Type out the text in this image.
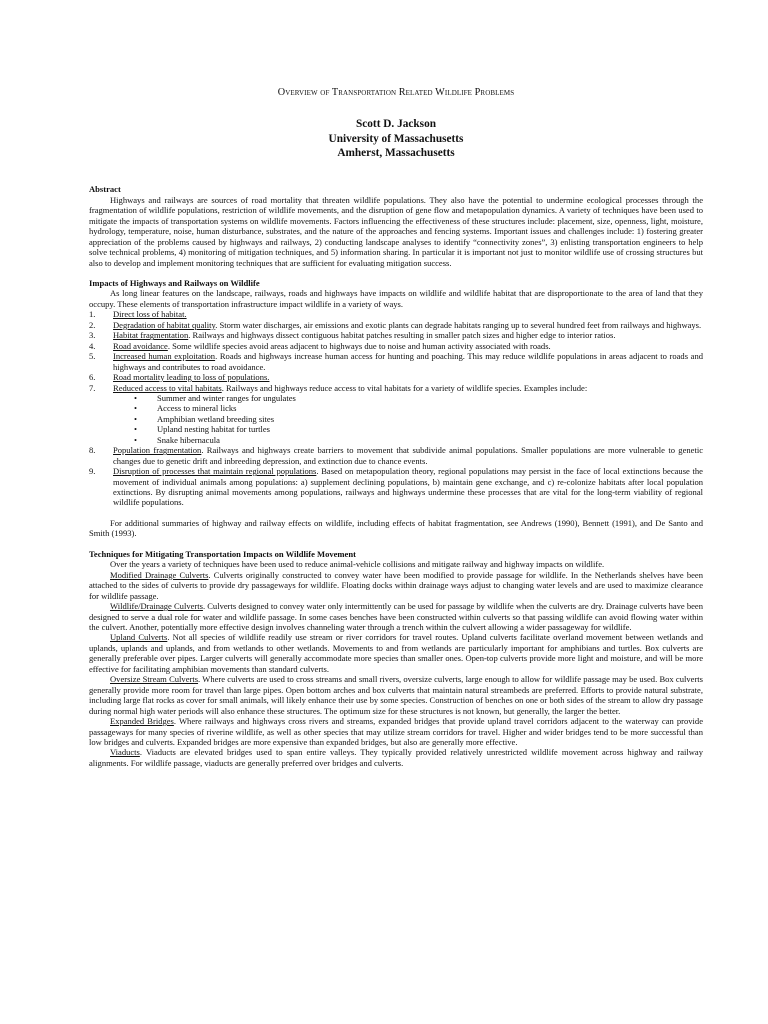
Overview of Transportation Related Wildlife Problems
Scott D. Jackson
University of Massachusetts
Amherst, Massachusetts
Abstract

Highways and railways are sources of road mortality that threaten wildlife populations. They also have the potential to undermine ecological processes through the fragmentation of wildlife populations, restriction of wildlife movements, and the disruption of gene flow and metapopulation dynamics. A variety of techniques have been used to mitigate the impacts of transportation systems on wildlife movements. Factors influencing the effectiveness of these structures include: placement, size, openness, light, moisture, hydrology, temperature, noise, human disturbance, substrates, and the nature of the approaches and fencing systems. Important issues and challenges include: 1) fostering greater appreciation of the problems caused by highways and railways, 2) conducting landscape analyses to identify “connectivity zones”, 3) enlisting transportation engineers to help solve technical problems, 4) monitoring of mitigation techniques, and 5) information sharing. In particular it is important not just to monitor wildlife use of crossing structures but also to develop and implement monitoring techniques that are sufficient for evaluating mitigation success.

Impacts of Highways and Railways on Wildlife

As long linear features on the landscape, railways, roads and highways have impacts on wildlife and wildlife habitat that are disproportionate to the area of land that they occupy. These elements of transportation infrastructure impact wildlife in a variety of ways.

1.	Direct loss of habitat.
2.	Degradation of habitat quality. Storm water discharges, air emissions and exotic plants can degrade habitats ranging up to several hundred feet from railways and highways.
3.	Habitat fragmentation. Railways and highways dissect contiguous habitat patches resulting in smaller patch sizes and higher edge to interior ratios.
4.	Road avoidance. Some wildlife species avoid areas adjacent to highways due to noise and human activity associated with roads.
5.	Increased human exploitation. Roads and highways increase human access for hunting and poaching. This may reduce wildlife populations in areas adjacent to roads and highways and contributes to road avoidance.
6.	Road mortality leading to loss of populations.
7.	Reduced access to vital habitats. Railways and highways reduce access to vital habitats for a variety of wildlife species. Examples include:
•	Summer and winter ranges for ungulates
•	Access to mineral licks
•	Amphibian wetland breeding sites
•	Upland nesting habitat for turtles
•	Snake hibernacula
8.	Population fragmentation. Railways and highways create barriers to movement that subdivide animal populations. Smaller populations are more vulnerable to genetic changes due to genetic drift and inbreeding depression, and extinction due to chance events.
9.	Disruption of processes that maintain regional populations. Based on metapopulation theory, regional populations may persist in the face of local extinctions because the movement of individual animals among populations: a) supplement declining populations, b) maintain gene exchange, and c) re-colonize habitats after local population extinctions. By disrupting animal movements among populations, railways and highways undermine these processes that are vital for the long-term viability of regional wildlife populations.

For additional summaries of highway and railway effects on wildlife, including effects of habitat fragmentation, see Andrews (1990), Bennett (1991), and De Santo and Smith (1993).

Techniques for Mitigating Transportation Impacts on Wildlife Movement

Over the years a variety of techniques have been used to reduce animal-vehicle collisions and mitigate railway and highway impacts on wildlife.

Modified Drainage Culverts. Culverts originally constructed to convey water have been modified to provide passage for wildlife. In the Netherlands shelves have been attached to the sides of culverts to provide dry passageways for wildlife. Floating docks within drainage ways adjust to changing water levels and are used to maximize clearance for wildlife passage.

Wildlife/Drainage Culverts. Culverts designed to convey water only intermittently can be used for passage by wildlife when the culverts are dry. Drainage culverts have been designed to serve a dual role for water and wildlife passage. In some cases benches have been constructed within culverts so that passing wildlife can avoid flowing water within the culvert. Another, potentially more effective design involves channeling water through a trench within the culvert allowing a wider passageway for wildlife.

Upland Culverts. Not all species of wildlife readily use stream or river corridors for travel routes. Upland culverts facilitate overland movement between wetlands and uplands, uplands and uplands, and from wetlands to other wetlands. Movements to and from wetlands are particularly important for amphibians and turtles. Box culverts are generally preferable over pipes. Larger culverts will generally accommodate more species than smaller ones. Open-top culverts provide more light and moisture, and will be more effective for facilitating amphibian movements than standard culverts.

Oversize Stream Culverts. Where culverts are used to cross streams and small rivers, oversize culverts, large enough to allow for wildlife passage may be used. Box culverts generally provide more room for travel than large pipes. Open bottom arches and box culverts that maintain natural streambeds are preferred. Efforts to provide natural substrate, including large flat rocks as cover for small animals, will likely enhance their use by some species. Construction of benches on one or both sides of the stream to allow dry passage during normal high water periods will also enhance these structures. The optimum size for these structures is not known, but generally, the larger the better.

Expanded Bridges. Where railways and highways cross rivers and streams, expanded bridges that provide upland travel corridors adjacent to the waterway can provide passageways for many species of riverine wildlife, as well as other species that may utilize stream corridors for travel. Higher and wider bridges tend to be more successful than low bridges and culverts. Expanded bridges are more expensive than expanded bridges, but also are generally more effective.

Viaducts. Viaducts are elevated bridges used to span entire valleys. They typically provided relatively unrestricted wildlife movement across highway and railway alignments. For wildlife passage, viaducts are generally preferred over bridges and culverts.
